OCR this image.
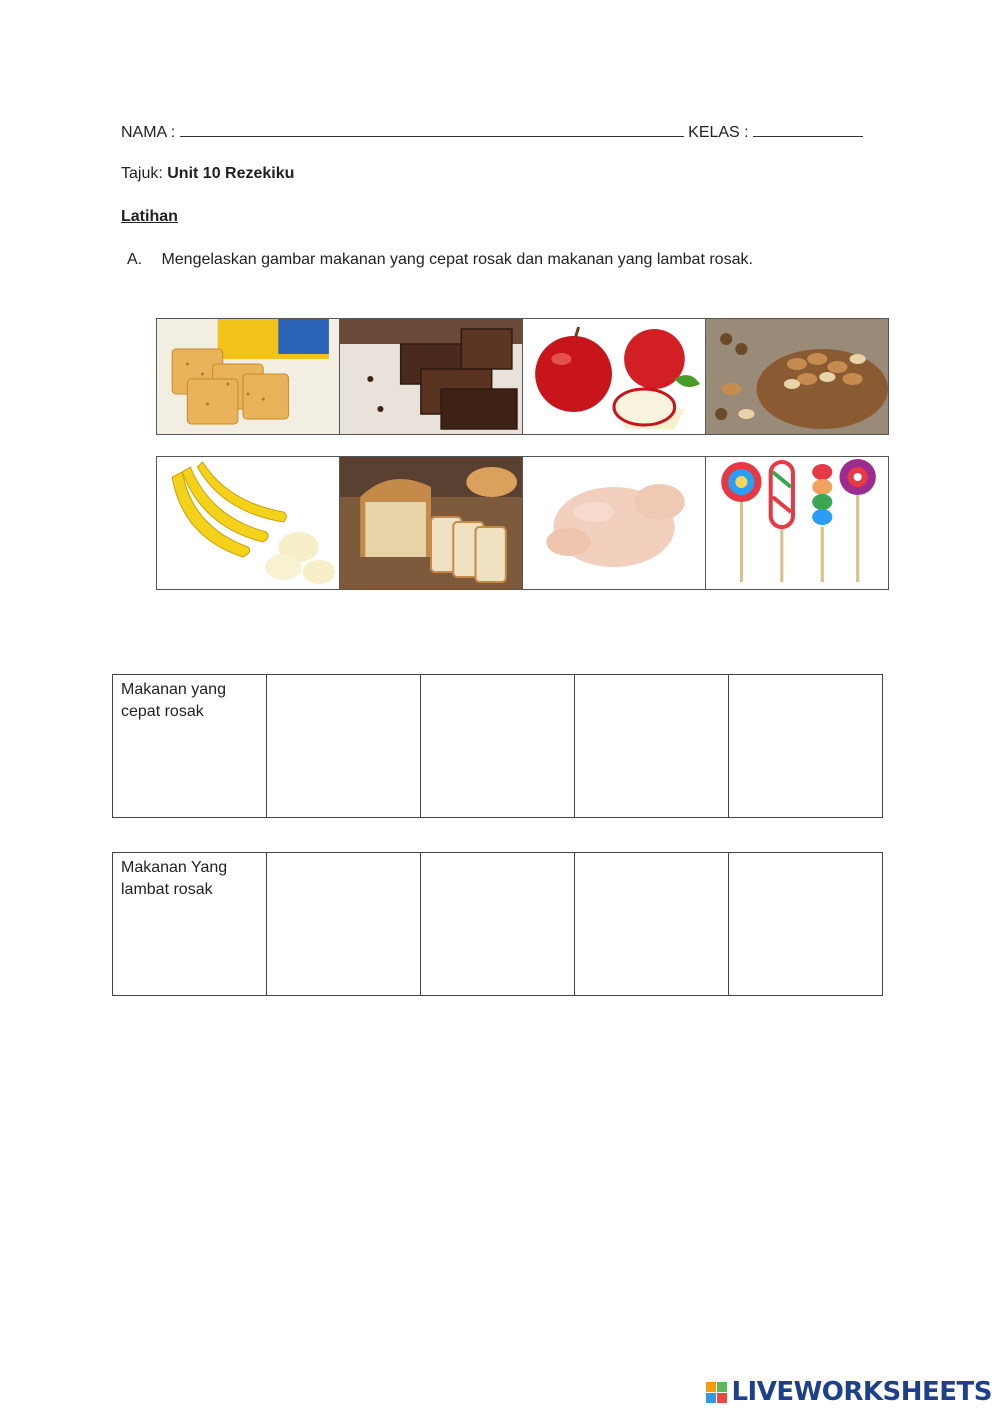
NAMA :	KELAS :
Tajuk: Unit 10 Rezekiku
Latihan
A. Mengelaskan gambar makanan yang cepat rosak dan makanan yang lambat rosak.
Makanan yang cepat rosak				
Makanan Yang lambat rosak				
LIVEWORKSHEETS
